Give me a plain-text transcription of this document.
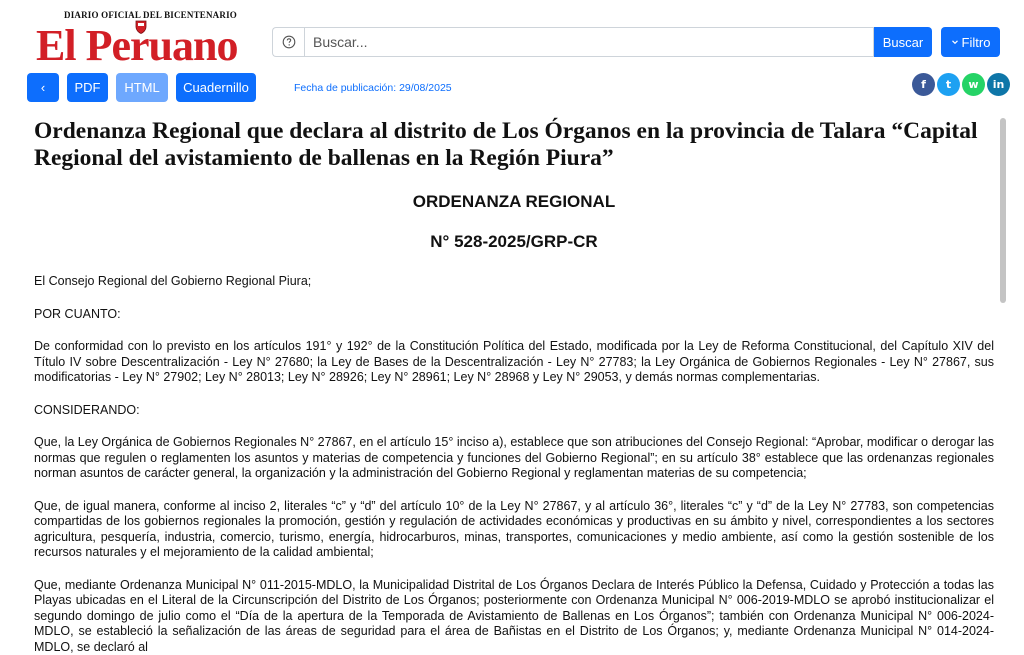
DIARIO OFICIAL DEL BICENTENARIO
El Peruano
Buscar...	Buscar	Filtro
‹	PDF	HTML	Cuadernillo	Fecha de publicación: 29/08/2025	f	t	w	in
Ordenanza Regional que declara al distrito de Los Órganos en la provincia de Talara “Capital Regional del avistamiento de ballenas en la Región Piura”
ORDENANZA REGIONAL
N° 528-2025/GRP-CR

El Consejo Regional del Gobierno Regional Piura;

POR CUANTO:

De conformidad con lo previsto en los artículos 191° y 192° de la Constitución Política del Estado, modificada por la Ley de Reforma Constitucional, del Capítulo XIV del Título IV sobre Descentralización - Ley N° 27680; la Ley de Bases de la Descentralización - Ley N° 27783; la Ley Orgánica de Gobiernos Regionales - Ley N° 27867, sus modificatorias - Ley N° 27902; Ley N° 28013; Ley N° 28926; Ley N° 28961; Ley N° 28968 y Ley N° 29053, y demás normas complementarias.

CONSIDERANDO:

Que, la Ley Orgánica de Gobiernos Regionales N° 27867, en el artículo 15° inciso a), establece que son atribuciones del Consejo Regional: “Aprobar, modificar o derogar las normas que regulen o reglamenten los asuntos y materias de competencia y funciones del Gobierno Regional”; en su artículo 38° establece que las ordenanzas regionales norman asuntos de carácter general, la organización y la administración del Gobierno Regional y reglamentan materias de su competencia;

Que, de igual manera, conforme al inciso 2, literales “c” y “d” del artículo 10° de la Ley N° 27867, y al artículo 36°, literales “c” y “d” de la Ley N° 27783, son competencias compartidas de los gobiernos regionales la promoción, gestión y regulación de actividades económicas y productivas en su ámbito y nivel, correspondientes a los sectores agricultura, pesquería, industria, comercio, turismo, energía, hidrocarburos, minas, transportes, comunicaciones y medio ambiente, así como la gestión sostenible de los recursos naturales y el mejoramiento de la calidad ambiental;

Que, mediante Ordenanza Municipal N° 011-2015-MDLO, la Municipalidad Distrital de Los Órganos Declara de Interés Público la Defensa, Cuidado y Protección a todas las Playas ubicadas en el Literal de la Circunscripción del Distrito de Los Órganos; posteriormente con Ordenanza Municipal N° 006-2019-MDLO se aprobó institucionalizar el segundo domingo de julio como el “Día de la apertura de la Temporada de Avistamiento de Ballenas en Los Órganos”; también con Ordenanza Municipal N° 006-2024-MDLO, se estableció la señalización de las áreas de seguridad para el área de Bañistas en el Distrito de Los Órganos; y, mediante Ordenanza Municipal N° 014-2024-MDLO, se declaró al
